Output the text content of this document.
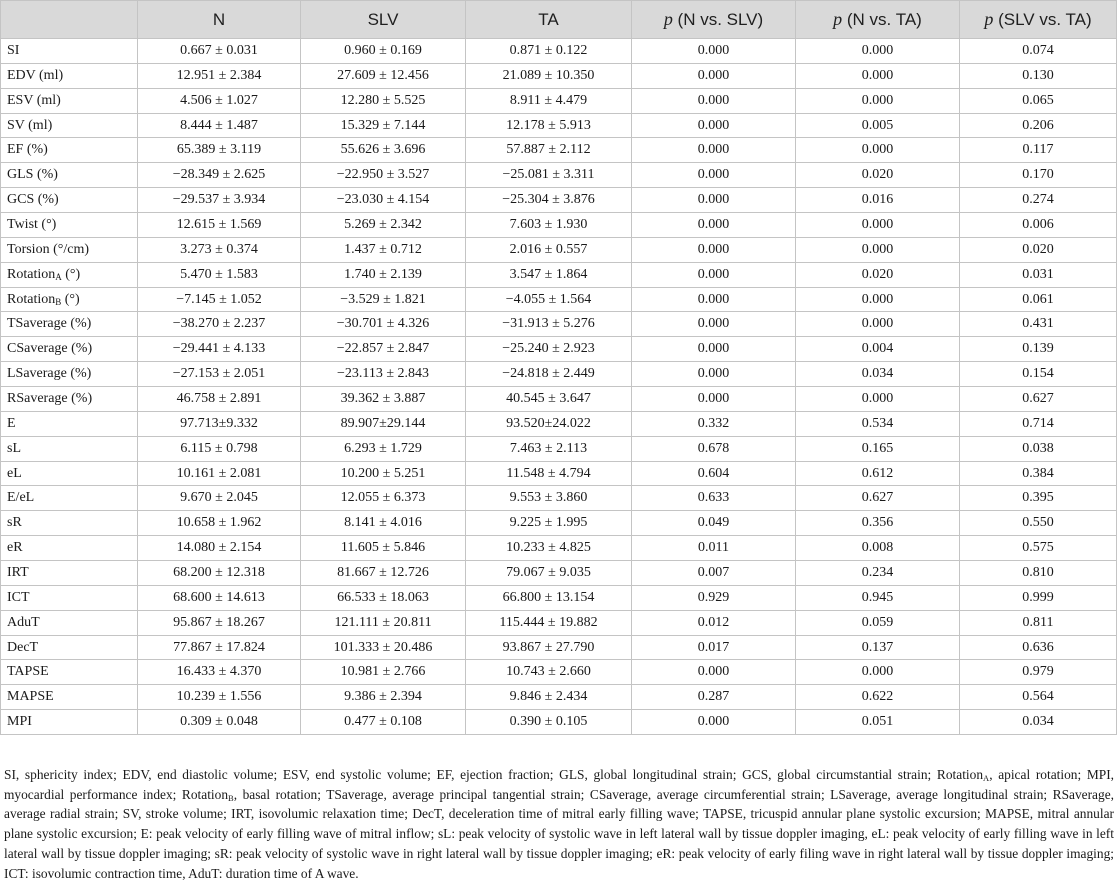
	N	SLV	TA	p (N vs. SLV)	p (N vs. TA)	p (SLV vs. TA)
SI	0.667 ± 0.031	0.960 ± 0.169	0.871 ± 0.122	0.000	0.000	0.074
EDV (ml)	12.951 ± 2.384	27.609 ± 12.456	21.089 ± 10.350	0.000	0.000	0.130
ESV (ml)	4.506 ± 1.027	12.280 ± 5.525	8.911 ± 4.479	0.000	0.000	0.065
SV (ml)	8.444 ± 1.487	15.329 ± 7.144	12.178 ± 5.913	0.000	0.005	0.206
EF (%)	65.389 ± 3.119	55.626 ± 3.696	57.887 ± 2.112	0.000	0.000	0.117
GLS (%)	−28.349 ± 2.625	−22.950 ± 3.527	−25.081 ± 3.311	0.000	0.020	0.170
GCS (%)	−29.537 ± 3.934	−23.030 ± 4.154	−25.304 ± 3.876	0.000	0.016	0.274
Twist (°)	12.615 ± 1.569	5.269 ± 2.342	7.603 ± 1.930	0.000	0.000	0.006
Torsion (°/cm)	3.273 ± 0.374	1.437 ± 0.712	2.016 ± 0.557	0.000	0.000	0.020
Rotation$_A$ (°)	5.470 ± 1.583	1.740 ± 2.139	3.547 ± 1.864	0.000	0.020	0.031
Rotation$_B$ (°)	−7.145 ± 1.052	−3.529 ± 1.821	−4.055 ± 1.564	0.000	0.000	0.061
TSaverage (%)	−38.270 ± 2.237	−30.701 ± 4.326	−31.913 ± 5.276	0.000	0.000	0.431
CSaverage (%)	−29.441 ± 4.133	−22.857 ± 2.847	−25.240 ± 2.923	0.000	0.004	0.139
LSaverage (%)	−27.153 ± 2.051	−23.113 ± 2.843	−24.818 ± 2.449	0.000	0.034	0.154
RSaverage (%)	46.758 ± 2.891	39.362 ± 3.887	40.545 ± 3.647	0.000	0.000	0.627
E	97.713±9.332	89.907±29.144	93.520±24.022	0.332	0.534	0.714
sL	6.115 ± 0.798	6.293 ± 1.729	7.463 ± 2.113	0.678	0.165	0.038
eL	10.161 ± 2.081	10.200 ± 5.251	11.548 ± 4.794	0.604	0.612	0.384
E/eL	9.670 ± 2.045	12.055 ± 6.373	9.553 ± 3.860	0.633	0.627	0.395
sR	10.658 ± 1.962	8.141 ± 4.016	9.225 ± 1.995	0.049	0.356	0.550
eR	14.080 ± 2.154	11.605 ± 5.846	10.233 ± 4.825	0.011	0.008	0.575
IRT	68.200 ± 12.318	81.667 ± 12.726	79.067 ± 9.035	0.007	0.234	0.810
ICT	68.600 ± 14.613	66.533 ± 18.063	66.800 ± 13.154	0.929	0.945	0.999
AduT	95.867 ± 18.267	121.111 ± 20.811	115.444 ± 19.882	0.012	0.059	0.811
DecT	77.867 ± 17.824	101.333 ± 20.486	93.867 ± 27.790	0.017	0.137	0.636
TAPSE	16.433 ± 4.370	10.981 ± 2.766	10.743 ± 2.660	0.000	0.000	0.979
MAPSE	10.239 ± 1.556	9.386 ± 2.394	9.846 ± 2.434	0.287	0.622	0.564
MPI	0.309 ± 0.048	0.477 ± 0.108	0.390 ± 0.105	0.000	0.051	0.034

SI, sphericity index; EDV, end diastolic volume; ESV, end systolic volume; EF, ejection fraction; GLS, global longitudinal strain; GCS, global circumstantial strain; Rotation$_A$, apical rotation; MPI, myocardial performance index; Rotation$_B$, basal rotation; TSaverage, average principal tangential strain; CSaverage, average circumferential strain; LSaverage, average longitudinal strain; RSaverage, average radial strain; SV, stroke volume; IRT, isovolumic relaxation time; DecT, deceleration time of mitral early filling wave; TAPSE, tricuspid annular plane systolic excursion; MAPSE, mitral annular plane systolic excursion; E: peak velocity of early filling wave of mitral inflow; sL: peak velocity of systolic wave in left lateral wall by tissue doppler imaging, eL: peak velocity of early filling wave in left lateral wall by tissue doppler imaging; sR: peak velocity of systolic wave in right lateral wall by tissue doppler imaging; eR: peak velocity of early filing wave in right lateral wall by tissue doppler imaging; ICT: isovolumic contraction time, AduT: duration time of A wave.
